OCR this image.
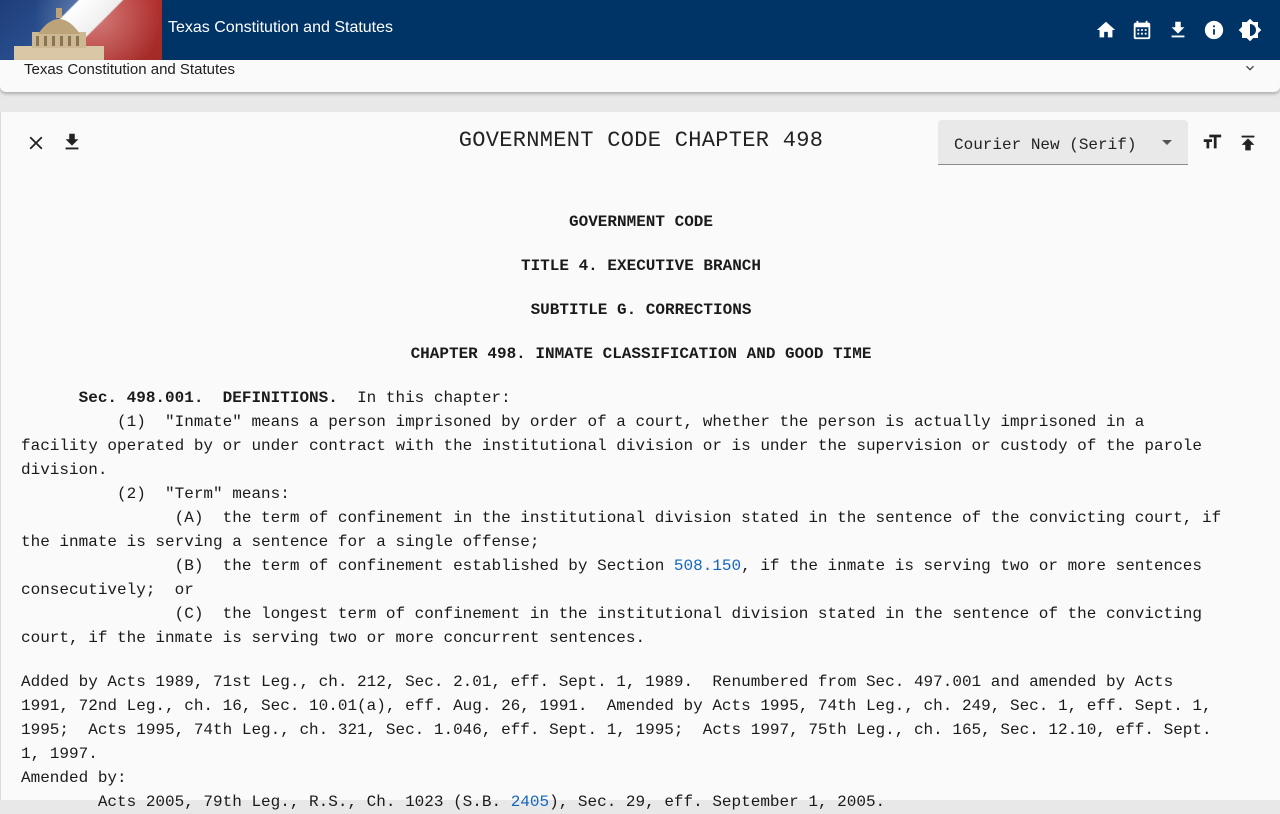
Texas Constitution and Statutes
Texas Constitution and Statutes
GOVERNMENT CODE CHAPTER 498	Courier New (Serif)
GOVERNMENT CODE
TITLE 4. EXECUTIVE BRANCH
SUBTITLE G. CORRECTIONS
CHAPTER 498. INMATE CLASSIFICATION AND GOOD TIME
Sec. 498.001.  DEFINITIONS.  In this chapter:
(1)  "Inmate" means a person imprisoned by order of a court, whether the person is actually imprisoned in a
facility operated by or under contract with the institutional division or is under the supervision or custody of the parole
division.
(2)  "Term" means:
(A)  the term of confinement in the institutional division stated in the sentence of the convicting court, if
the inmate is serving a sentence for a single offense;
(B)  the term of confinement established by Section 508.150, if the inmate is serving two or more sentences
consecutively;  or
(C)  the longest term of confinement in the institutional division stated in the sentence of the convicting
court, if the inmate is serving two or more concurrent sentences.
Added by Acts 1989, 71st Leg., ch. 212, Sec. 2.01, eff. Sept. 1, 1989.  Renumbered from Sec. 497.001 and amended by Acts
1991, 72nd Leg., ch. 16, Sec. 10.01(a), eff. Aug. 26, 1991.  Amended by Acts 1995, 74th Leg., ch. 249, Sec. 1, eff. Sept. 1,
1995;  Acts 1995, 74th Leg., ch. 321, Sec. 1.046, eff. Sept. 1, 1995;  Acts 1997, 75th Leg., ch. 165, Sec. 12.10, eff. Sept.
1, 1997.
Amended by:
Acts 2005, 79th Leg., R.S., Ch. 1023 (S.B. 2405), Sec. 29, eff. September 1, 2005.
